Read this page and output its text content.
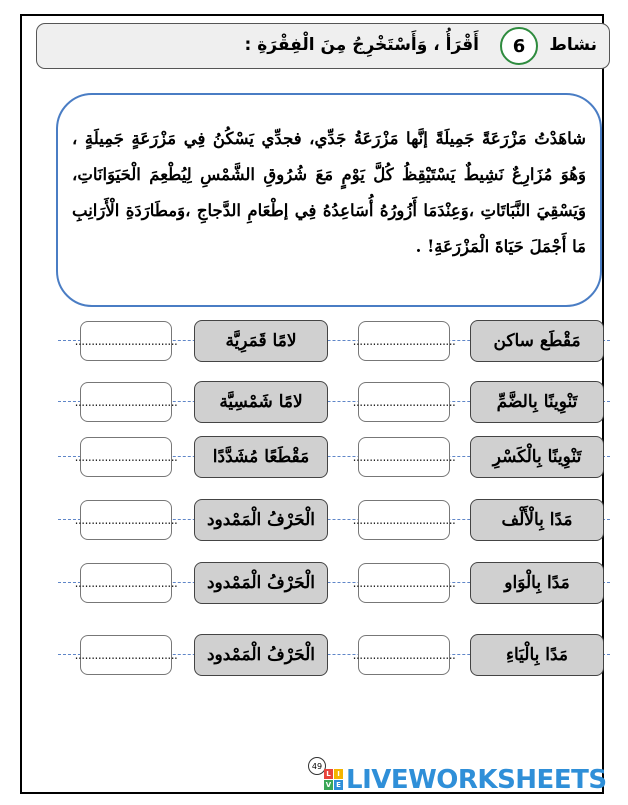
نشاط
6
أَقْرَأُ ، وَأَسْتَخْرِجُ مِنَ الْفِقْرَةِ :
شاهَدْتُ مَزْرَعَةً جَمِيلَةً إنَّها مَزْرَعَةُ جَدِّي، فجدِّي يَسْكُنُ فِي مَزْرَعَةٍ جَمِيلَةٍ ، وَهُوَ مُزَارِعٌ نَشِيطٌ يَسْتَيْقِظُ كُلَّ يَوْمٍ مَعَ شُرُوقِ الشَّمْسِ لِيُطْعِمَ الْحَيَوَانَاتِ، وَيَسْقِيَ النَّبَاتَاتِ ،وَعِنْدَمَا أَزُورُهُ أُسَاعِدُهُ فِي إطْعَامِ الدَّجاجِ ،وَمطَارَدَةِ الْأَرَانِبِ مَا أَجْمَلَ حَيَاةَ الْمَزْرَعَةِ! .
...............................	لامًا قَمَرِيَّة	...............................	مَقْطَع ساكن
...............................	لامًا شَمْسِيَّة	...............................	تَنْوِينًا بِالضَّمِّ
...............................	مَقْطَعًا مُشَدَّدًا	...............................	تَنْوِينًا بِالْكَسْرِ
...............................	الْحَرْفُ الْمَمْدود	...............................	مَدًا بِالْأَلْف
...............................	الْحَرْفُ الْمَمْدود	...............................	مَدًا بِالْوَاو
...............................	الْحَرْفُ الْمَمْدود	...............................	مَدًا بِالْيَاءِ
49
L I
V E LIVEWORKSHEETS
